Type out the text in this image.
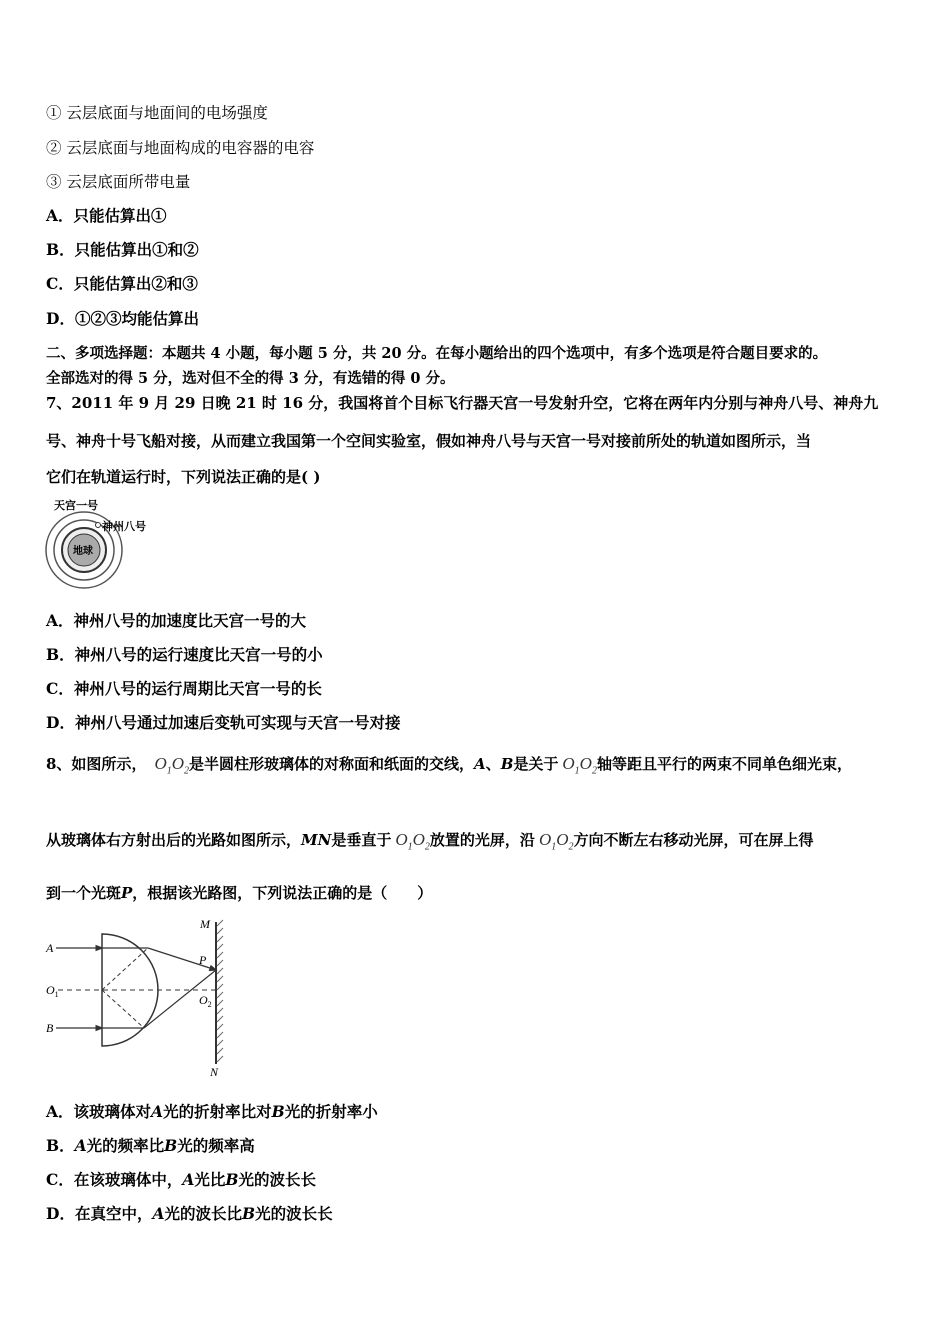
① 云层底面与地面间的电场强度
② 云层底面与地面构成的电容器的电容
③ 云层底面所带电量
A．只能估算出①
B．只能估算出①和②
C．只能估算出②和③
D．①②③均能估算出
二、多项选择题：本题共 4 小题，每小题 5 分，共 20 分。在每小题给出的四个选项中，有多个选项是符合题目要求的。
全部选对的得 5 分，选对但不全的得 3 分，有选错的得 0 分。
7、2011 年 9 月 29 日晚 21 时 16 分，我国将首个目标飞行器天宫一号发射升空，它将在两年内分别与神舟八号、神舟九
号、神舟十号飞船对接，从而建立我国第一个空间实验室，假如神舟八号与天宫一号对接前所处的轨道如图所示，当
它们在轨道运行时，下列说法正确的是( )
地球
天宫一号
神州八号
A．神州八号的加速度比天宫一号的大
B．神州八号的运行速度比天宫一号的小
C．神州八号的运行周期比天宫一号的长
D．神州八号通过加速后变轨可实现与天宫一号对接
8、如图所示， $O_1O_2$是半圆柱形玻璃体的对称面和纸面的交线，A、B是关于 $O_1O_2$轴等距且平行的两束不同单色细光束，
从玻璃体右方射出后的光路如图所示，MN是垂直于 $O_1O_2$放置的光屏，沿 $O_1O_2$方向不断左右移动光屏，可在屏上得
到一个光斑P，根据该光路图，下列说法正确的是（　　）
M
N
A
B
$O_1$
P
$O_2$
A．该玻璃体对A光的折射率比对B光的折射率小
B．A光的频率比B光的频率高
C．在该玻璃体中，A光比B光的波长长
D．在真空中，A光的波长比B光的波长长
